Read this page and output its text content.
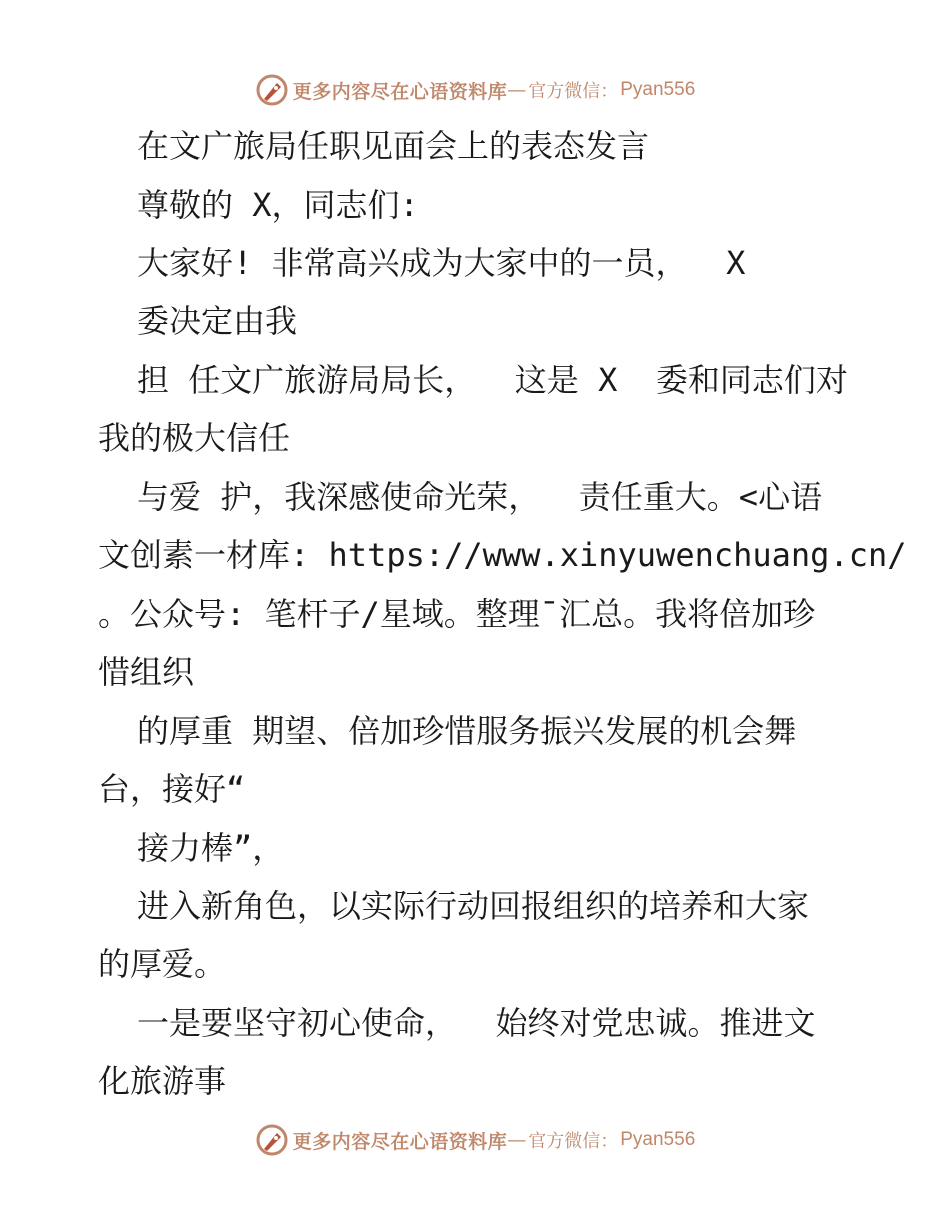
更多内容尽在心语资料库 — 官方微信： Pyan556

在文广旅局任职见面会上的表态发言

尊敬的 X，同志们:

大家好! 非常高兴成为大家中的一员，  X

委决定由我

担 任文广旅游局局长，  这是 X  委和同志们对

我的极大信任

与爱 护，我深感使命光荣，  责任重大。<心语

文创素一材库: https://www.xinyuwenchuang.cn/

。公众号: 笔杆子/星域。整理¯汇总。我将倍加珍

惜组织

的厚重 期望、倍加珍惜服务振兴发展的机会舞

台，接好“

接力棒”，

进入新角色，以实际行动回报组织的培养和大家

的厚爱。

一是要坚守初心使命，  始终对党忠诚。推进文

化旅游事

更多内容尽在心语资料库 — 官方微信： Pyan556
